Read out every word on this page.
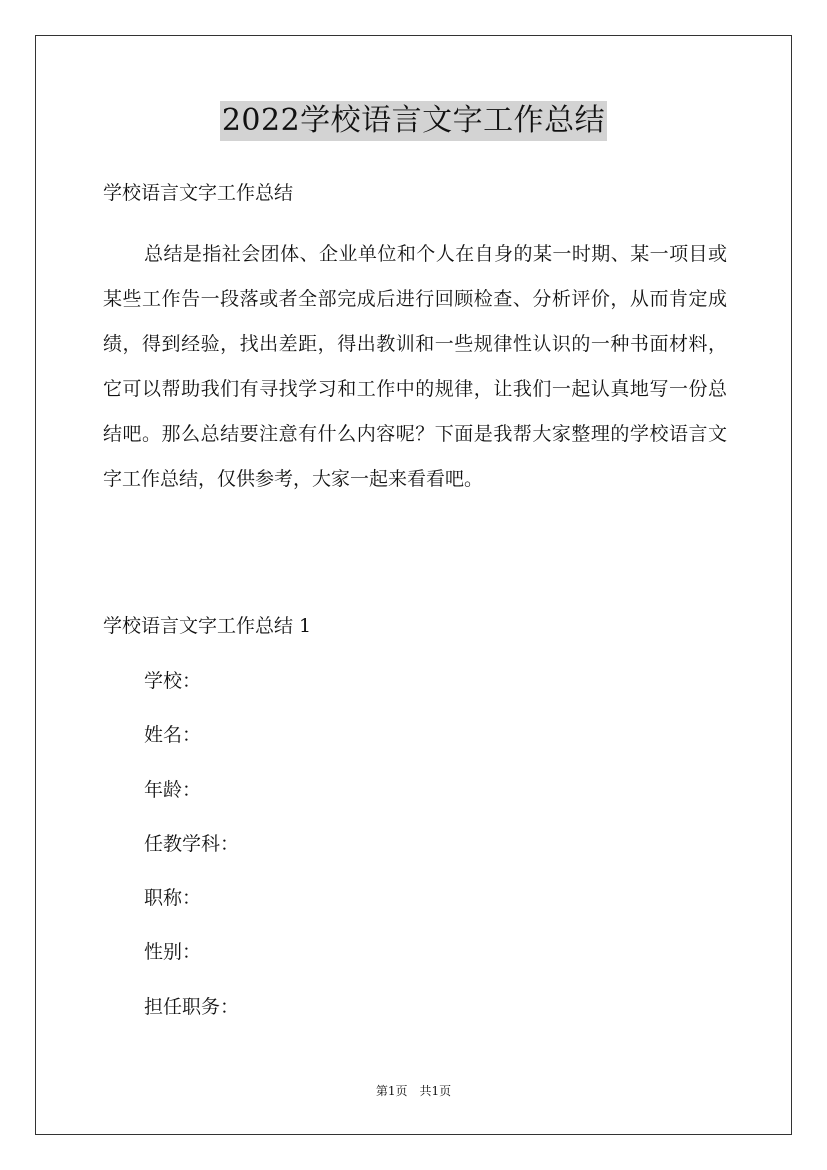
2022学校语言文字工作总结
学校语言文字工作总结

总结是指社会团体、企业单位和个人在自身的某一时期、某一项目或某些工作告一段落或者全部完成后进行回顾检查、分析评价，从而肯定成绩，得到经验，找出差距，得出教训和一些规律性认识的一种书面材料，它可以帮助我们有寻找学习和工作中的规律，让我们一起认真地写一份总结吧。那么总结要注意有什么内容呢？下面是我帮大家整理的学校语言文字工作总结，仅供参考，大家一起来看看吧。

学校语言文字工作总结 1
学校：
姓名：
年龄：
任教学科：
职称：
性别：
担任职务：
第1页　共1页
